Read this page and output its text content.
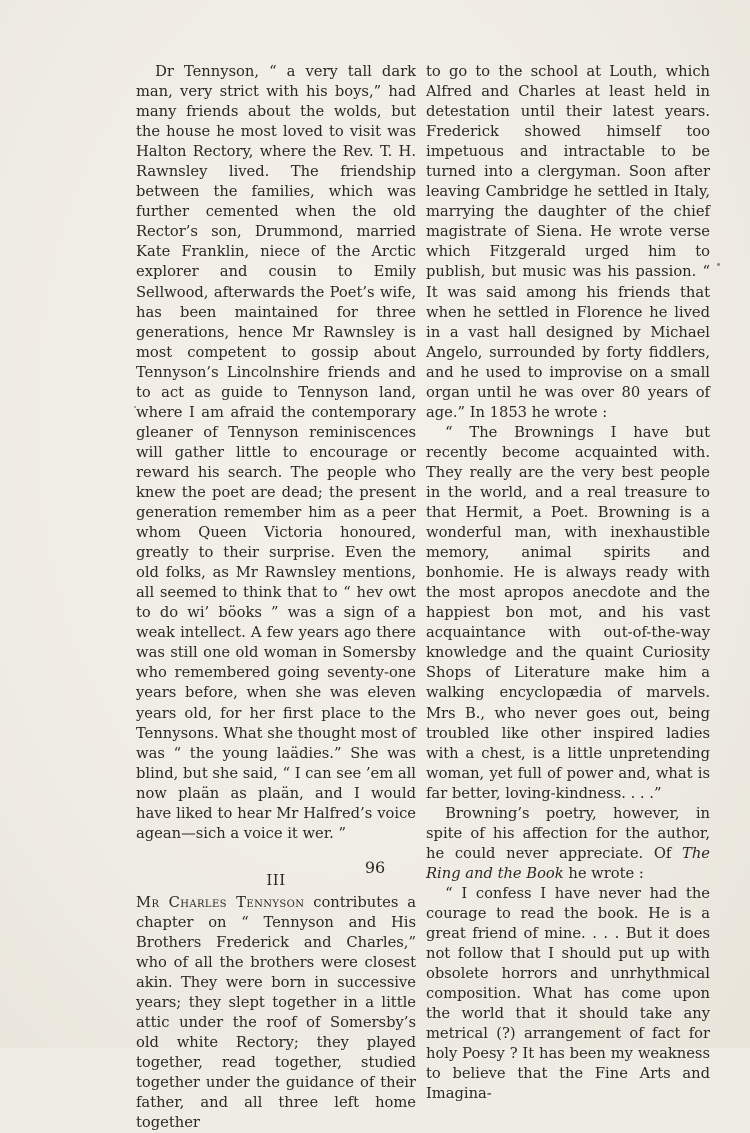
Dr Tennyson, “ a very tall dark man, very strict with his boys,” had many friends about the wolds, but the house he most loved to visit was Halton Rectory, where the Rev. T. H. Rawnsley lived. The friendship between the families, which was further cemented when the old Rector’s son, Drummond, married Kate Franklin, niece of the Arctic explorer and cousin to Emily Sellwood, afterwards the Poet’s wife, has been maintained for three generations, hence Mr Rawnsley is most competent to gossip about Tennyson’s Lincolnshire friends and to act as guide to Tennyson land, where I am afraid the contemporary gleaner of Tennyson reminiscences will gather little to encourage or reward his search. The people who knew the poet are dead; the present generation remember him as a peer whom Queen Victoria honoured, greatly to their surprise. Even the old folks, as Mr Rawnsley mentions, all seemed to think that to “ hev owt to do wi’ böoks ” was a sign of a weak intellect. A few years ago there was still one old woman in Somersby who remembered going seventy-one years before, when she was eleven years old, for her first place to the Tennysons. What she thought most of was “ the young laädies.” She was blind, but she said, “ I can see ’em all now plaän as plaän, and I would have liked to hear Mr Halfred’s voice agean—sich a voice it wer. ”

III

Mr Charles Tennyson contributes a chapter on “ Tennyson and His Brothers Frederick and Charles,” who of all the brothers were closest akin. They were born in successive years; they slept together in a little attic under the roof of Somersby’s old white Rectory; they played together, read together, studied together under the guidance of their father, and all three left home together

to go to the school at Louth, which Alfred and Charles at least held in detestation until their latest years. Frederick showed himself too impetuous and intractable to be turned into a clergyman. Soon after leaving Cambridge he settled in Italy, marrying the daughter of the chief magistrate of Siena. He wrote verse which Fitzgerald urged him to publish, but music was his passion. “ It was said among his friends that when he settled in Florence he lived in a vast hall designed by Michael Angelo, surrounded by forty fiddlers, and he used to improvise on a small organ until he was over 80 years of age.” In 1853 he wrote :

“ The Brownings I have but recently become acquainted with. They really are the very best people in the world, and a real treasure to that Hermit, a Poet. Browning is a wonderful man, with inexhaustible memory, animal spirits and bonhomie. He is always ready with the most apropos anecdote and the happiest bon mot, and his vast acquaintance with out-of-the-way knowledge and the quaint Curiosity Shops of Literature make him a walking encyclopædia of marvels. Mrs B., who never goes out, being troubled like other inspired ladies with a chest, is a little unpretending woman, yet full of power and, what is far better, loving-kindness. . . .”

Browning’s poetry, however, in spite of his affection for the author, he could never appreciate. Of The Ring and the Book he wrote :

“ I confess I have never had the courage to read the book. He is a great friend of mine. . . . But it does not follow that I should put up with obsolete horrors and unrhythmical composition. What has come upon the world that it should take any metrical (?) arrangement of fact for holy Poesy ? It has been my weakness to believe that the Fine Arts and Imagina-

96
